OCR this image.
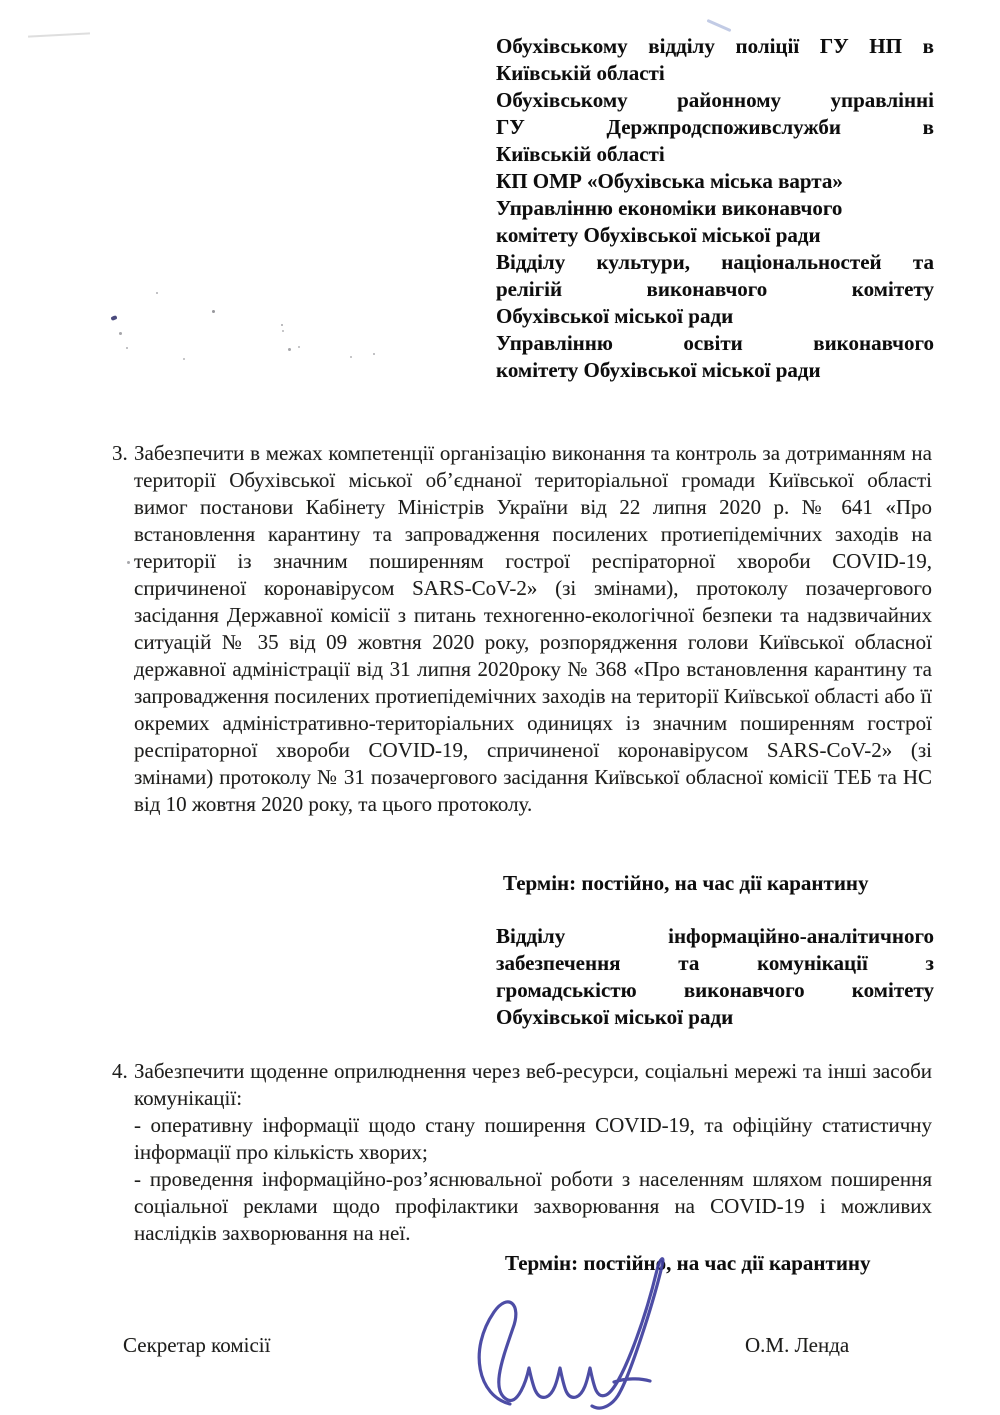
Обухівському відділу поліції ГУ НП в
Київській області
Обухівському районному управлінні
ГУ Держпродспоживслужби в
Київській області
КП ОМР «Обухівська міська варта»
Управлінню економіки виконавчого
комітету Обухівської міської ради
Відділу культури, національностей та
релігій виконавчого комітету
Обухівської міської ради
Управлінню освіти виконавчого
комітету Обухівської міської ради
3. Забезпечити в межах компетенції організацію виконання та контроль за дотриманням на території Обухівської міської об’єднаної територіальної громади Київської області вимог постанови Кабінету Міністрів України від 22 липня 2020 р. № 641 «Про встановлення карантину та запровадження посилених протиепідемічних заходів на території із значним поширенням гострої респіраторної хвороби COVID-19, спричиненої коронавірусом SARS-CoV-2» (зі змінами), протоколу позачергового засідання Державної комісії з питань техногенно-екологічної безпеки та надзвичайних ситуацій № 35 від 09 жовтня 2020 року, розпорядження голови Київської обласної державної адміністрації від 31 липня 2020року № 368 «Про встановлення карантину та запровадження посилених протиепідемічних заходів на території Київської області або її окремих адміністративно-територіальних одиницях із значним поширенням гострої респіраторної хвороби COVID-19, спричиненої коронавірусом SARS-CoV-2» (зі змінами) протоколу № 31 позачергового засідання Київської обласної комісії ТЕБ та НС від 10 жовтня 2020 року, та цього протоколу.

Термін: постійно, на час дії карантину
Відділу інформаційно-аналітичного
забезпечення та комунікації з
громадськістю виконавчого комітету
Обухівської міської ради
4. Забезпечити щоденне оприлюднення через веб-ресурси, соціальні мережі та інші засоби комунікації:

- оперативну інформації щодо стану поширення COVID-19, та офіційну статистичну інформації про кількість хворих;

- проведення інформаційно-роз’яснювальної роботи з населенням шляхом поширення соціальної реклами щодо профілактики захворювання на COVID-19 і можливих наслідків захворювання на неї.

Термін: постійно, на час дії карантину
Секретар комісії	О.М. Ленда
